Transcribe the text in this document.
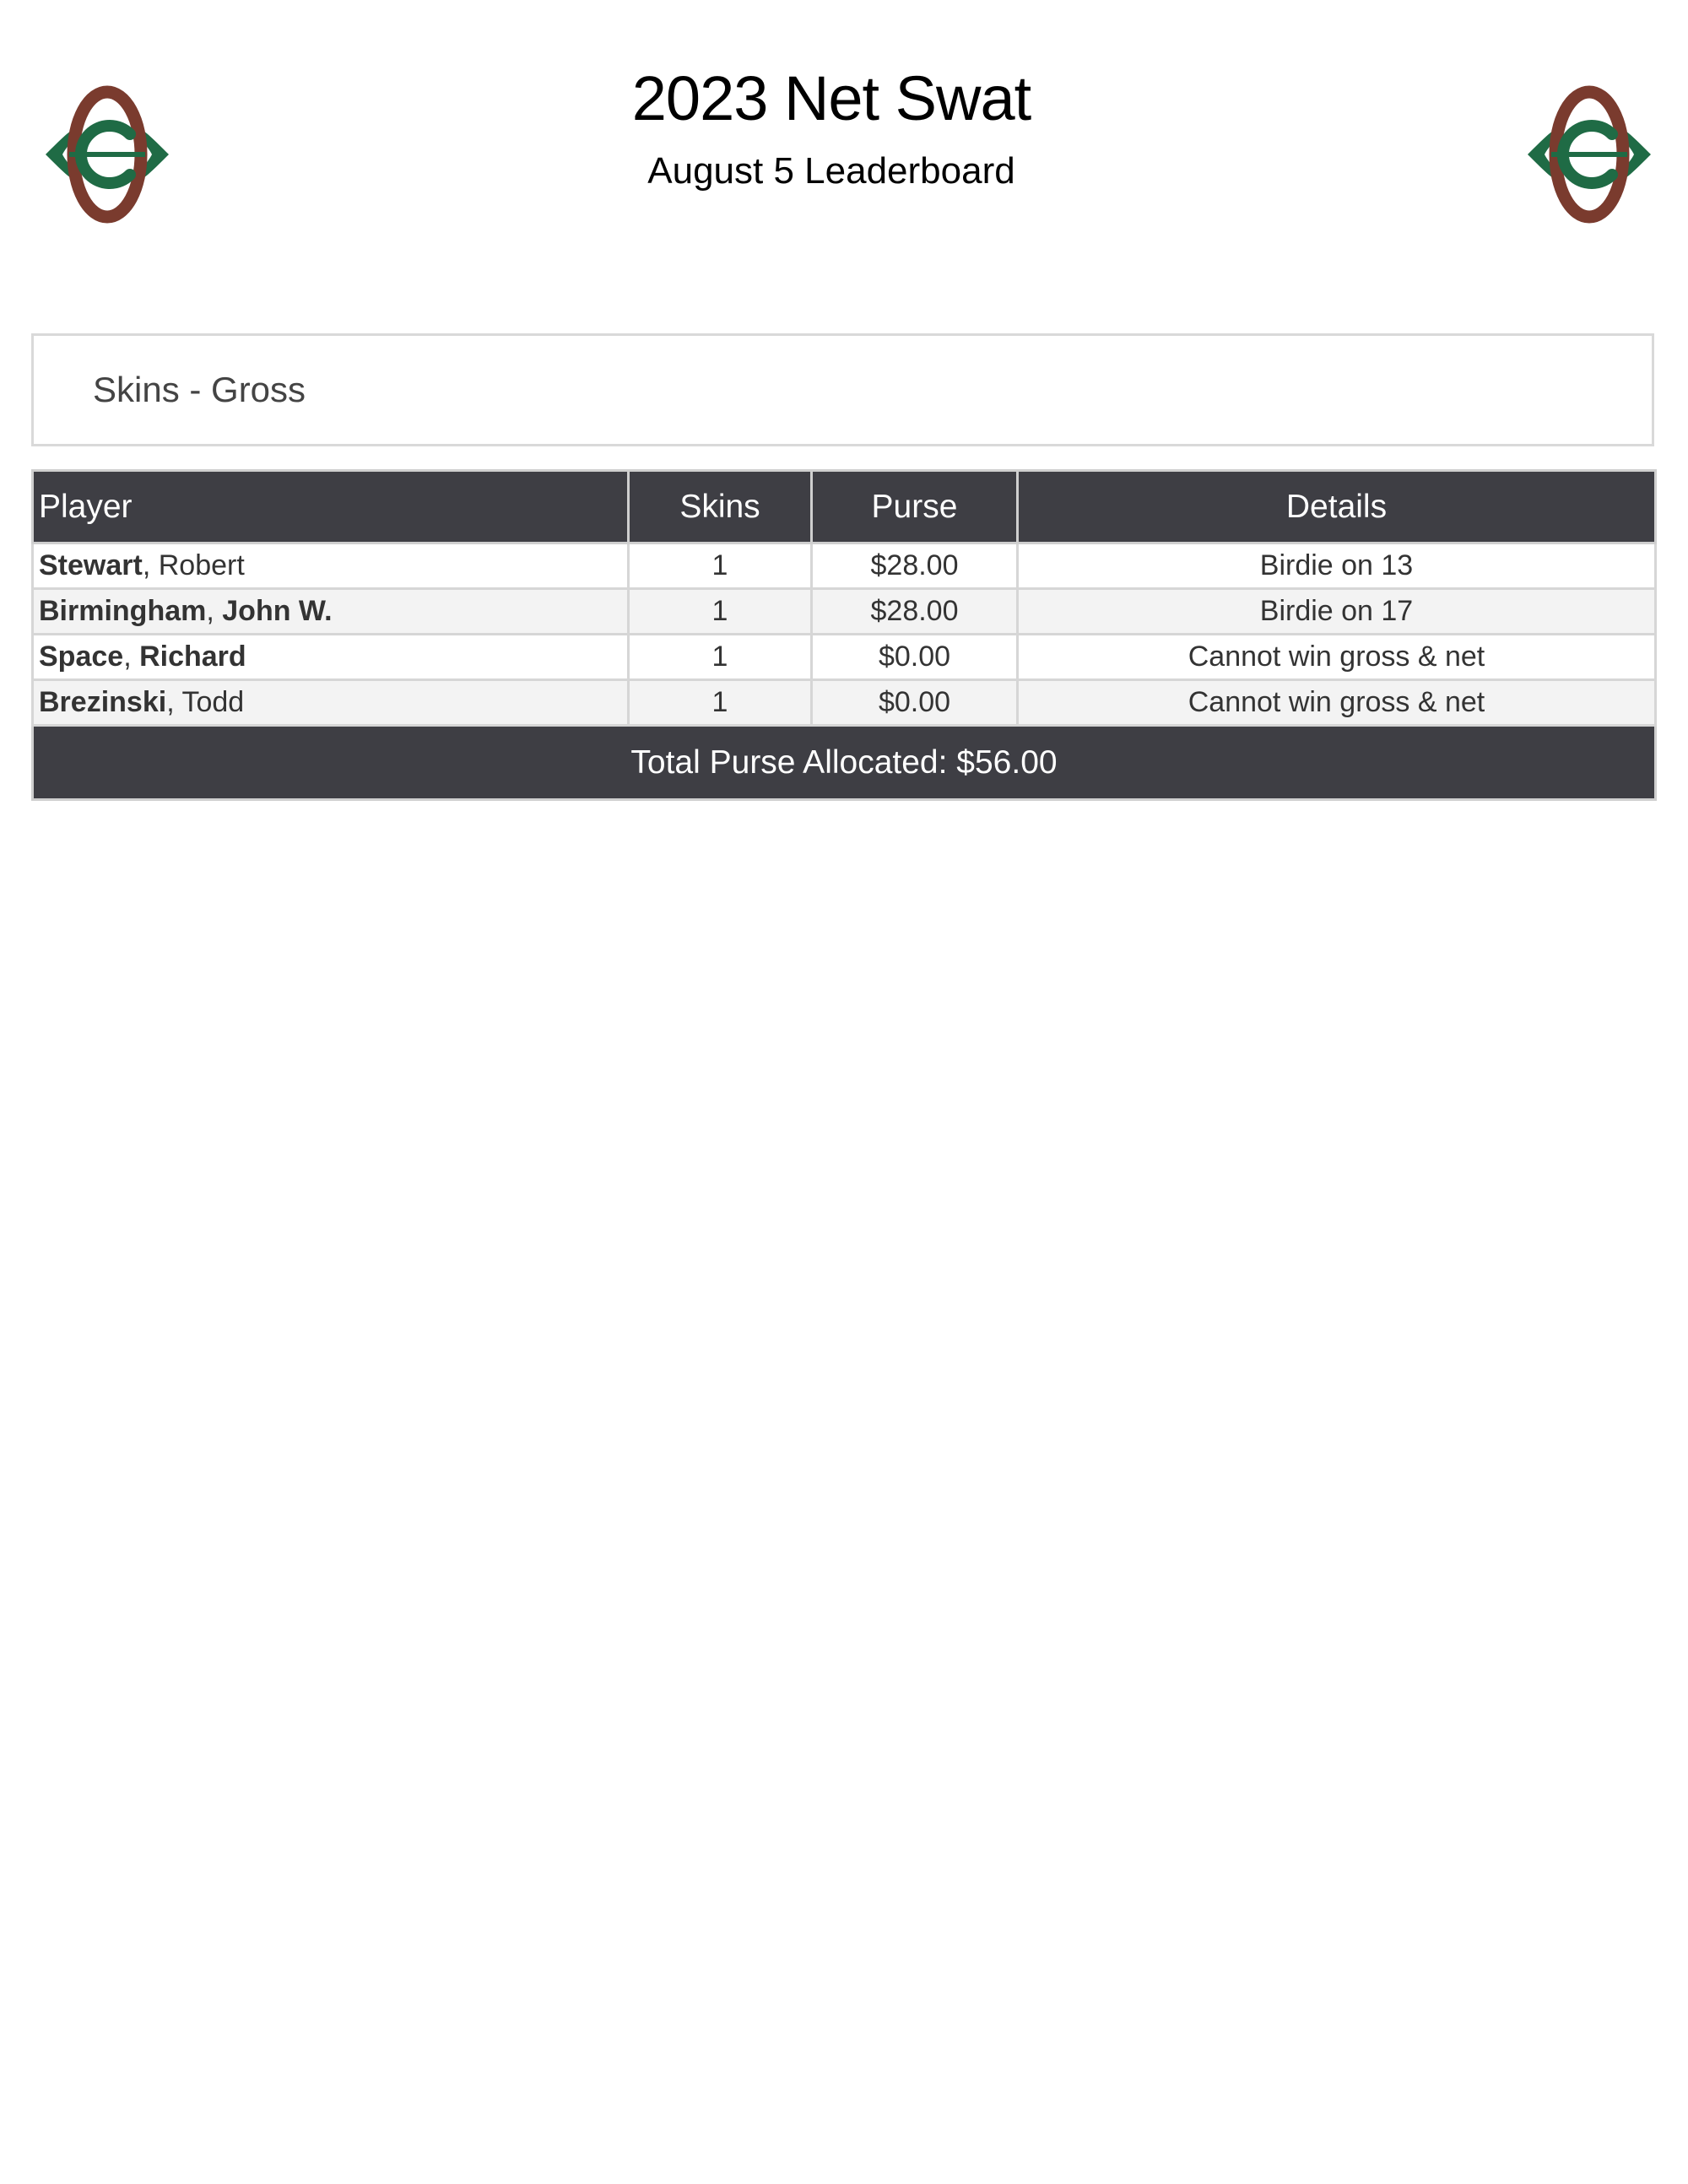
2023 Net Swat
August 5 Leaderboard
Skins - Gross
Player	Skins	Purse	Details
Stewart, Robert	1	$28.00	Birdie on 13
Birmingham, John W.	1	$28.00	Birdie on 17
Space, Richard	1	$0.00	Cannot win gross & net
Brezinski, Todd	1	$0.00	Cannot win gross & net
Total Purse Allocated: $56.00			
